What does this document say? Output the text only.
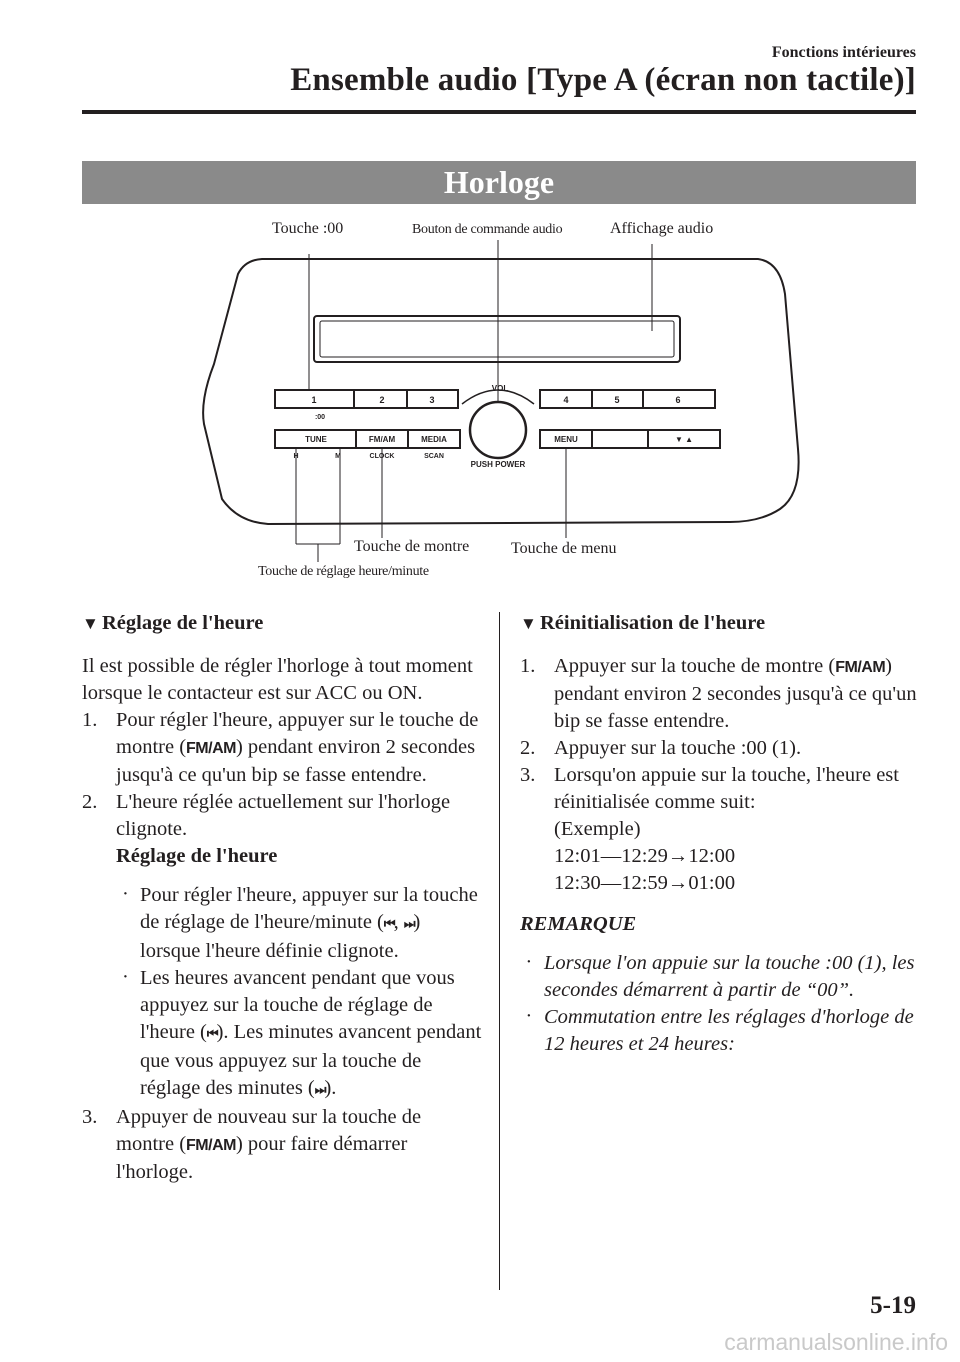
Fonctions intérieures
Ensemble audio [Type A (écran non tactile)]
Horloge
1
:00
2	3	4	5	6
VOL
PUSH POWER
TUNE
H	M
FM/AM
CLOCK
MEDIA
SCAN
MENU	▼ ▲
Touche :00	Bouton de commande audio	Affichage audio
Touche de montre	Touche de menu
Touche de réglage heure/minute
▼ Réglage de l'heure

Il est possible de régler l'horloge à tout moment lorsque le contacteur est sur ACC ou ON.

1. Pour régler l'heure, appuyer sur le touche de montre (FM/AM) pendant environ 2 secondes jusqu'à ce qu'un bip se fasse entendre.
2. L'heure réglée actuellement sur l'horloge clignote.
Réglage de l'heure
· Pour régler l'heure, appuyer sur la touche de réglage de l'heure/minute (⏮, ⏭) lorsque l'heure définie clignote.
· Les heures avancent pendant que vous appuyez sur la touche de réglage de l'heure (⏮). Les minutes avancent pendant que vous appuyez sur la touche de réglage des minutes (⏭).
3. Appuyer de nouveau sur la touche de montre (FM/AM) pour faire démarrer l'horloge.
▼ Réinitialisation de l'heure
1. Appuyer sur la touche de montre (FM/AM) pendant environ 2 secondes jusqu'à ce qu'un bip se fasse entendre.
2. Appuyer sur la touche :00 (1).
3. Lorsqu'on appuie sur la touche, l'heure est réinitialisée comme suit:
(Exemple)
12:01―12:29→12:00
12:30―12:59→01:00
REMARQUE
· Lorsque l'on appuie sur la touche :00 (1), les secondes démarrent à partir de “00”.
· Commutation entre les réglages d'horloge de 12 heures et 24 heures:
5-19
carmanualsonline.info
